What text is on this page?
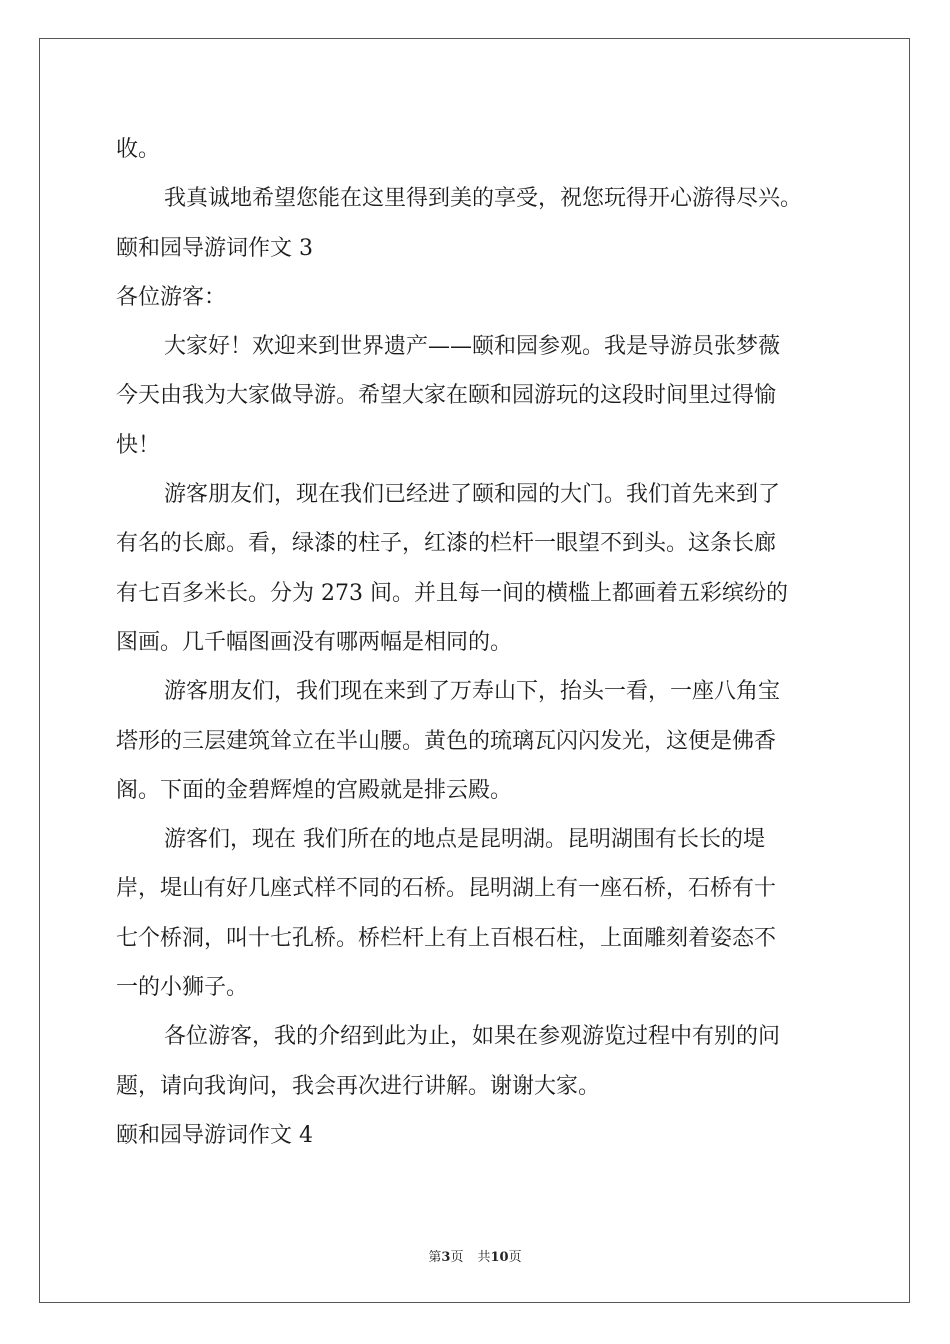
收。
我真诚地希望您能在这里得到美的享受，祝您玩得开心游得尽兴。
颐和园导游词作文 3
各位游客：
大家好！欢迎来到世界遗产——颐和园参观。我是导游员张梦薇
今天由我为大家做导游。希望大家在颐和园游玩的这段时间里过得愉
快！
游客朋友们，现在我们已经进了颐和园的大门。我们首先来到了
有名的长廊。看，绿漆的柱子，红漆的栏杆一眼望不到头。这条长廊
有七百多米长。分为 273 间。并且每一间的横槛上都画着五彩缤纷的
图画。几千幅图画没有哪两幅是相同的。
游客朋友们，我们现在来到了万寿山下，抬头一看，一座八角宝
塔形的三层建筑耸立在半山腰。黄色的琉璃瓦闪闪发光，这便是佛香
阁。下面的金碧辉煌的宫殿就是排云殿。
游客们，现在 我们所在的地点是昆明湖。昆明湖围有长长的堤
岸，堤山有好几座式样不同的石桥。昆明湖上有一座石桥，石桥有十
七个桥洞，叫十七孔桥。桥栏杆上有上百根石柱，上面雕刻着姿态不
一的小狮子。
各位游客，我的介绍到此为止，如果在参观游览过程中有别的问
题，请向我询问，我会再次进行讲解。谢谢大家。
颐和园导游词作文 4
第3页 共10页
